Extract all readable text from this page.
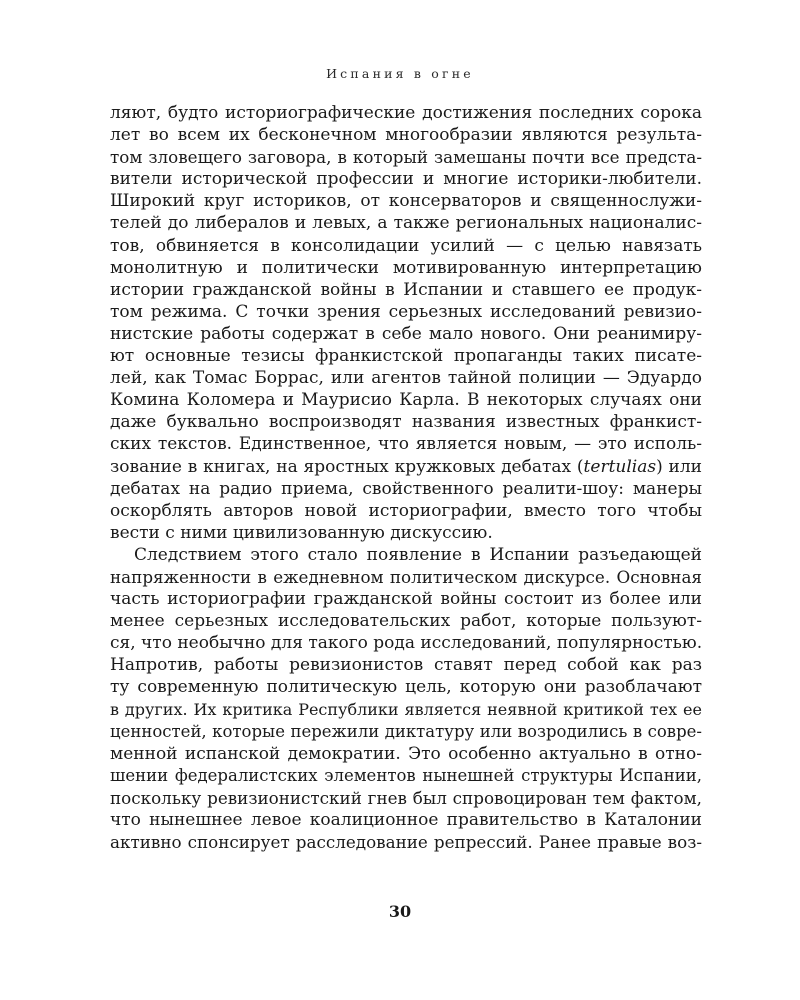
Испания в огне
ляют, будто историографические достижения последних сорока
лет во всем их бесконечном многообразии являются результа-
том зловещего заговора, в который замешаны почти все предста-
вители исторической профессии и многие историки-любители.
Широкий круг историков, от консерваторов и священнослужи-
телей до либералов и левых, а также региональных националис-
тов, обвиняется в консолидации усилий — с целью навязать
монолитную и политически мотивированную интерпретацию
истории гражданской войны в Испании и ставшего ее продук-
том режима. С точки зрения серьезных исследований ревизио-
нистские работы содержат в себе мало нового. Они реанимиру-
ют основные тезисы франкистской пропаганды таких писате-
лей, как Томас Боррас, или агентов тайной полиции — Эдуардо
Комина Коломера и Маурисио Карла. В некоторых случаях они
даже буквально воспроизводят названия известных франкист-
ских текстов. Единственное, что является новым, — это исполь-
зование в книгах, на яростных кружковых дебатах (tertulias) или
дебатах на радио приема, свойственного реалити-шоу: манеры
оскорблять авторов новой историографии, вместо того чтобы
вести с ними цивилизованную дискуссию.
Следствием этого стало появление в Испании разъедающей
напряженности в ежедневном политическом дискурсе. Основная
часть историографии гражданской войны состоит из более или
менее серьезных исследовательских работ, которые пользуют-
ся, что необычно для такого рода исследований, популярностью.
Напротив, работы ревизионистов ставят перед собой как раз
ту современную политическую цель, которую они разоблачают
в других. Их критика Республики является неявной критикой тех ее
ценностей, которые пережили диктатуру или возродились в совре-
менной испанской демократии. Это особенно актуально в отно-
шении федералистских элементов нынешней структуры Испании,
поскольку ревизионистский гнев был спровоцирован тем фактом,
что нынешнее левое коалиционное правительство в Каталонии
активно спонсирует расследование репрессий. Ранее правые воз-
30
